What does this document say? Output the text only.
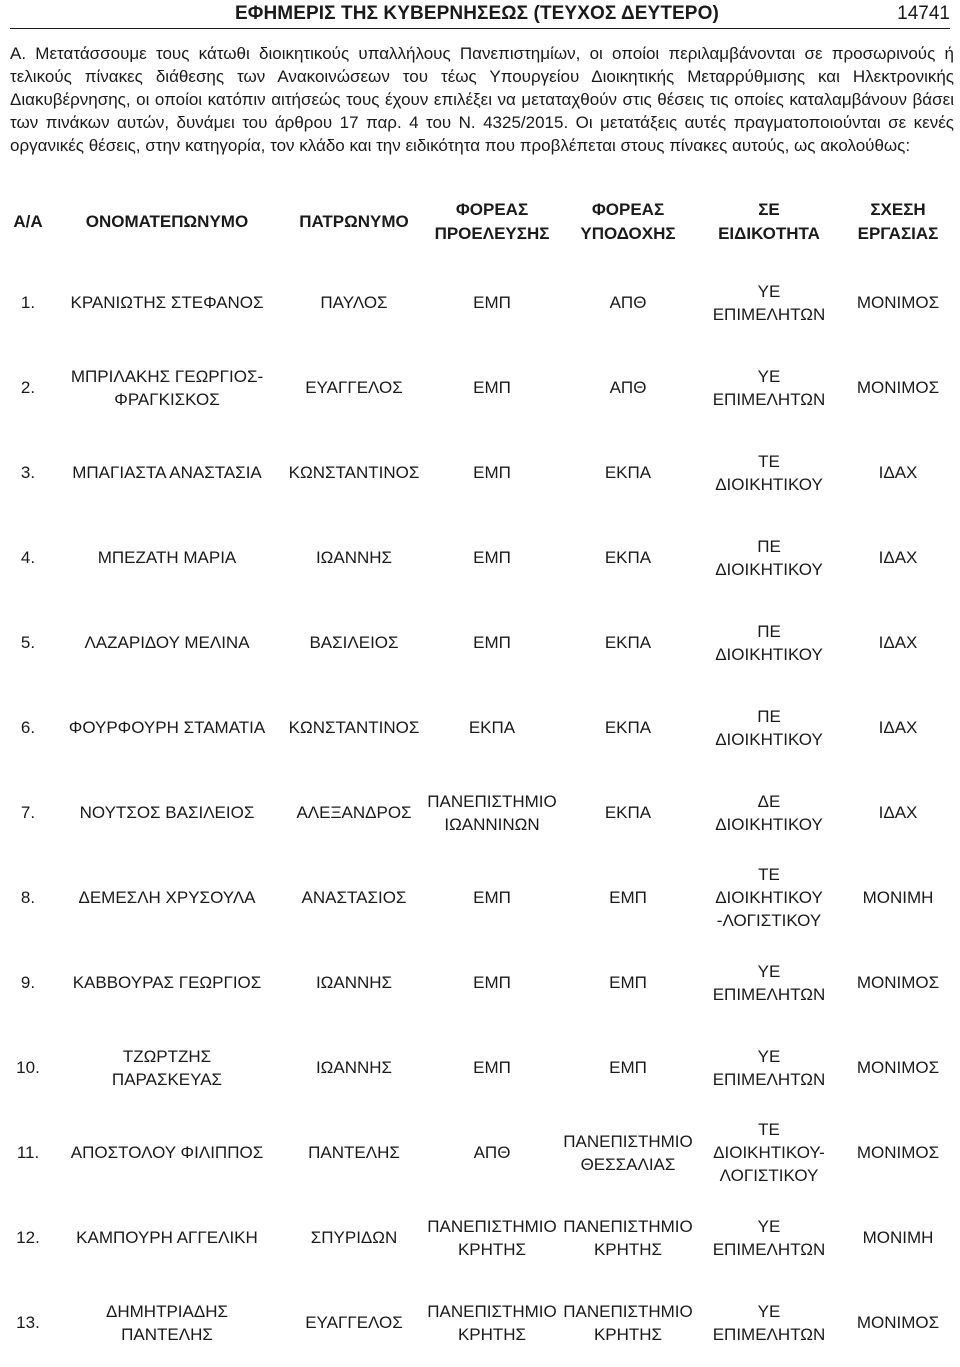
ΕΦΗΜΕΡΙΣ ΤΗΣ ΚΥΒΕΡΝΗΣΕΩΣ (ΤΕΥΧΟΣ ΔΕΥΤΕΡΟ)	14741

Α. Μετατάσσουμε τους κάτωθι διοικητικούς υπαλλήλους Πανεπιστημίων, οι οποίοι περιλαμβάνονται σε προσωρινούς ή τελικούς πίνακες διάθεσης των Ανακοινώσεων του τέως Υπουργείου Διοικητικής Μεταρρύθμισης και Ηλεκτρονικής Διακυβέρνησης, οι οποίοι κατόπιν αιτήσεώς τους έχουν επιλέξει να μεταταχθούν στις θέσεις τις οποίες καταλαμβάνουν βάσει των πινάκων αυτών, δυνάμει του άρθρου 17 παρ. 4 του Ν. 4325/2015. Οι μετατάξεις αυτές πραγματοποιούνται σε κενές οργανικές θέσεις, στην κατηγορία, τον κλάδο και την ειδικότητα που προβλέπεται στους πίνακες αυτούς, ως ακολούθως:

Α/Α	ΟΝΟΜΑΤΕΠΩΝΥΜΟ	ΠΑΤΡΩΝΥΜΟ	ΦΟΡΕΑΣ
ΠΡΟΕΛΕΥΣΗΣ	ΦΟΡΕΑΣ
ΥΠΟΔΟΧΗΣ	ΣΕ
ΕΙΔΙΚΟΤΗΤΑ	ΣΧΕΣΗ
ΕΡΓΑΣΙΑΣ

1.	ΚΡΑΝΙΩΤΗΣ ΣΤΕΦΑΝΟΣ	ΠΑΥΛΟΣ	ΕΜΠ	ΑΠΘ	ΥΕ
ΕΠΙΜΕΛΗΤΩΝ	ΜΟΝΙΜΟΣ

2.	ΜΠΡΙΛΑΚΗΣ ΓΕΩΡΓΙΟΣ-
ΦΡΑΓΚΙΣΚΟΣ	ΕΥΑΓΓΕΛΟΣ	ΕΜΠ	ΑΠΘ	ΥΕ
ΕΠΙΜΕΛΗΤΩΝ	ΜΟΝΙΜΟΣ

3.	ΜΠΑΓΙΑΣΤΑ ΑΝΑΣΤΑΣΙΑ	ΚΩΝΣΤΑΝΤΙΝΟΣ	ΕΜΠ	ΕΚΠΑ	ΤΕ
ΔΙΟΙΚΗΤΙΚΟΥ	ΙΔΑΧ

4.	ΜΠΕΖΑΤΗ ΜΑΡΙΑ	ΙΩΑΝΝΗΣ	ΕΜΠ	ΕΚΠΑ	ΠΕ
ΔΙΟΙΚΗΤΙΚΟΥ	ΙΔΑΧ

5.	ΛΑΖΑΡΙΔΟΥ ΜΕΛΙΝΑ	ΒΑΣΙΛΕΙΟΣ	ΕΜΠ	ΕΚΠΑ	ΠΕ
ΔΙΟΙΚΗΤΙΚΟΥ	ΙΔΑΧ

6.	ΦΟΥΡΦΟΥΡΗ ΣΤΑΜΑΤΙΑ	ΚΩΝΣΤΑΝΤΙΝΟΣ	ΕΚΠΑ	ΕΚΠΑ	ΠΕ
ΔΙΟΙΚΗΤΙΚΟΥ	ΙΔΑΧ

7.	ΝΟΥΤΣΟΣ ΒΑΣΙΛΕΙΟΣ	ΑΛΕΞΑΝΔΡΟΣ	ΠΑΝΕΠΙΣΤΗΜΙΟ
ΙΩΑΝΝΙΝΩΝ	ΕΚΠΑ	ΔΕ
ΔΙΟΙΚΗΤΙΚΟΥ	ΙΔΑΧ

8.	ΔΕΜΕΣΛΗ ΧΡΥΣΟΥΛΑ	ΑΝΑΣΤΑΣΙΟΣ	ΕΜΠ	ΕΜΠ	ΤΕ
ΔΙΟΙΚΗΤΙΚΟΥ
-ΛΟΓΙΣΤΙΚΟΥ	ΜΟΝΙΜΗ

9.	ΚΑΒΒΟΥΡΑΣ ΓΕΩΡΓΙΟΣ	ΙΩΑΝΝΗΣ	ΕΜΠ	ΕΜΠ	ΥΕ
ΕΠΙΜΕΛΗΤΩΝ	ΜΟΝΙΜΟΣ

10.	ΤΖΩΡΤΖΗΣ
ΠΑΡΑΣΚΕΥΑΣ	ΙΩΑΝΝΗΣ	ΕΜΠ	ΕΜΠ	ΥΕ
ΕΠΙΜΕΛΗΤΩΝ	ΜΟΝΙΜΟΣ

11.	ΑΠΟΣΤΟΛΟΥ ΦΙΛΙΠΠΟΣ	ΠΑΝΤΕΛΗΣ	ΑΠΘ	ΠΑΝΕΠΙΣΤΗΜΙΟ
ΘΕΣΣΑΛΙΑΣ	ΤΕ
ΔΙΟΙΚΗΤΙΚΟΥ-
ΛΟΓΙΣΤΙΚΟΥ	ΜΟΝΙΜΟΣ

12.	ΚΑΜΠΟΥΡΗ ΑΓΓΕΛΙΚΗ	ΣΠΥΡΙΔΩΝ	ΠΑΝΕΠΙΣΤΗΜΙΟ
ΚΡΗΤΗΣ	ΠΑΝΕΠΙΣΤΗΜΙΟ
ΚΡΗΤΗΣ	ΥΕ
ΕΠΙΜΕΛΗΤΩΝ	ΜΟΝΙΜΗ

13.	ΔΗΜΗΤΡΙΑΔΗΣ
ΠΑΝΤΕΛΗΣ	ΕΥΑΓΓΕΛΟΣ	ΠΑΝΕΠΙΣΤΗΜΙΟ
ΚΡΗΤΗΣ	ΠΑΝΕΠΙΣΤΗΜΙΟ
ΚΡΗΤΗΣ	ΥΕ
ΕΠΙΜΕΛΗΤΩΝ	ΜΟΝΙΜΟΣ
